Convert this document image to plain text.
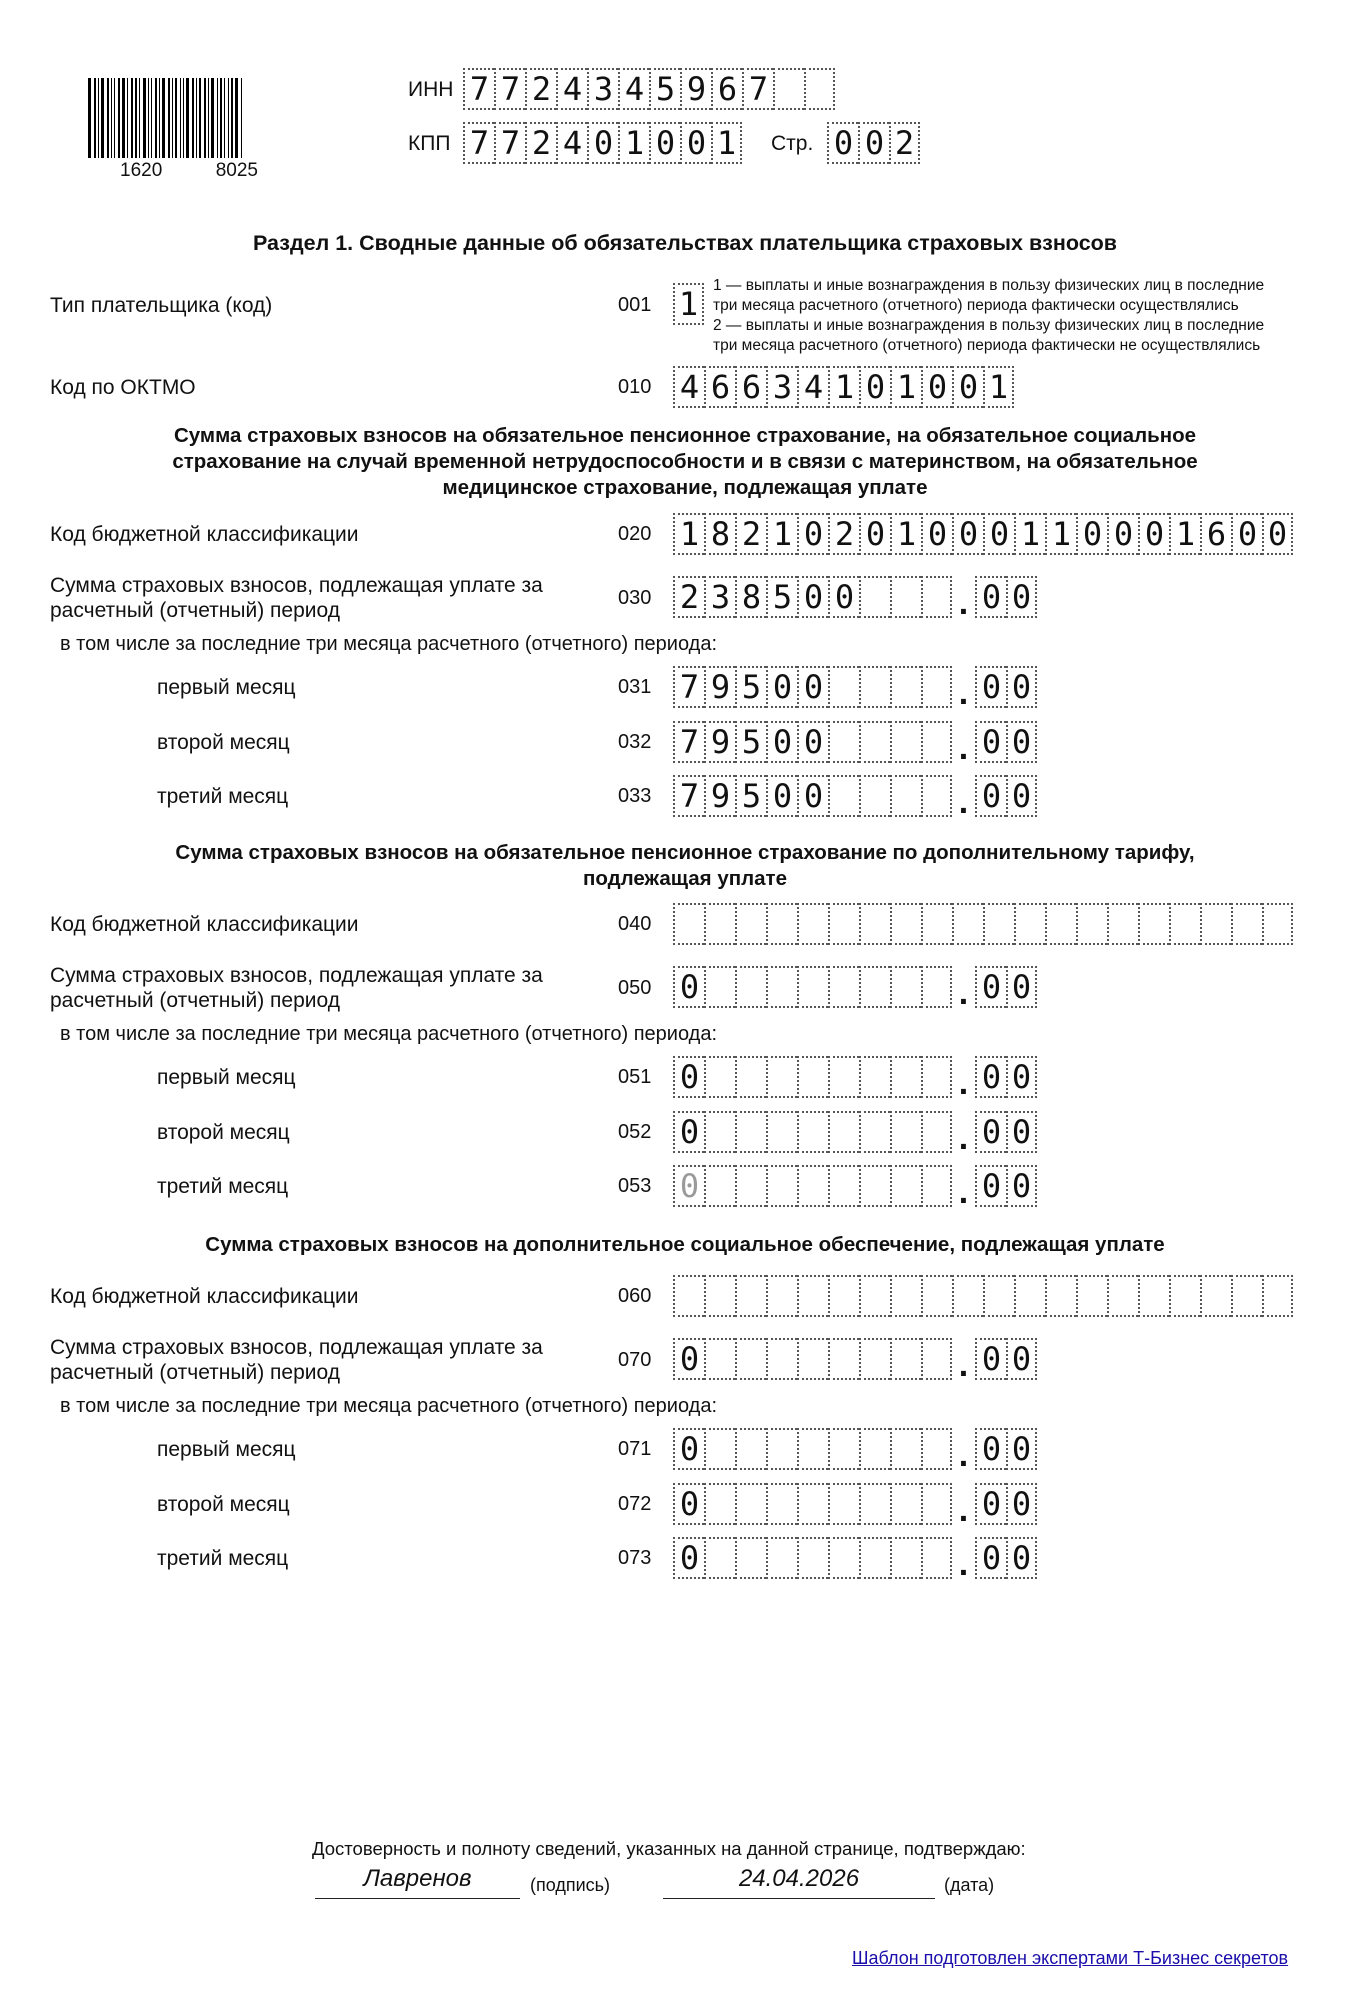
1620	8025
ИНН 7 7 2 4 3 4 5 9 6 7
КПП 7 7 2 4 0 1 0 0 1 Стр. 0 0 2
Раздел 1. Сводные данные об обязательствах плательщика страховых взносов
Тип плательщика (код)	001 1 1 — выплаты и иные вознаграждения в пользу физических лиц в последние
три месяца расчетного (отчетного) периода фактически осуществлялись
2 — выплаты и иные вознаграждения в пользу физических лиц в последние
три месяца расчетного (отчетного) периода фактически не осуществлялись
Код по ОКТМО	010 4 6 6 3 4 1 0 1 0 0 1
Сумма страховых взносов на обязательное пенсионное страхование, на обязательное социальное
страхование на случай временной нетрудоспособности и в связи с материнством, на обязательное
медицинское страхование, подлежащая уплате
Код бюджетной классификации	020 1 8 2 1 0 2 0 1 0 0 0 1 1 0 0 0 1 6 0 0
Сумма страховых взносов, подлежащая уплате за
расчетный (отчетный) период
030 2 3 8 5 0 0	. 0 0
в том числе за последние три месяца расчетного (отчетного) периода:
первый месяц	031 7 9 5 0 0	. 0 0
второй месяц	032 7 9 5 0 0	. 0 0
третий месяц	033 7 9 5 0 0	. 0 0
Сумма страховых взносов на обязательное пенсионное страхование по дополнительному тарифу,
подлежащая уплате
Код бюджетной классификации	040
Сумма страховых взносов, подлежащая уплате за
расчетный (отчетный) период
050 0	. 0 0
в том числе за последние три месяца расчетного (отчетного) периода:
первый месяц	051 0	. 0 0
второй месяц	052 0	. 0 0
третий месяц	053 0	. 0 0
Сумма страховых взносов на дополнительное социальное обеспечение, подлежащая уплате
Код бюджетной классификации	060
Сумма страховых взносов, подлежащая уплате за
расчетный (отчетный) период
070 0	. 0 0
в том числе за последние три месяца расчетного (отчетного) периода:
первый месяц	071 0	. 0 0
второй месяц	072 0	. 0 0
третий месяц	073 0	. 0 0
Достоверность и полноту сведений, указанных на данной странице, подтверждаю:
Лавренов	(подпись)	24.04.2026	(дата)
Шаблон подготовлен экспертами Т-Бизнес секретов
